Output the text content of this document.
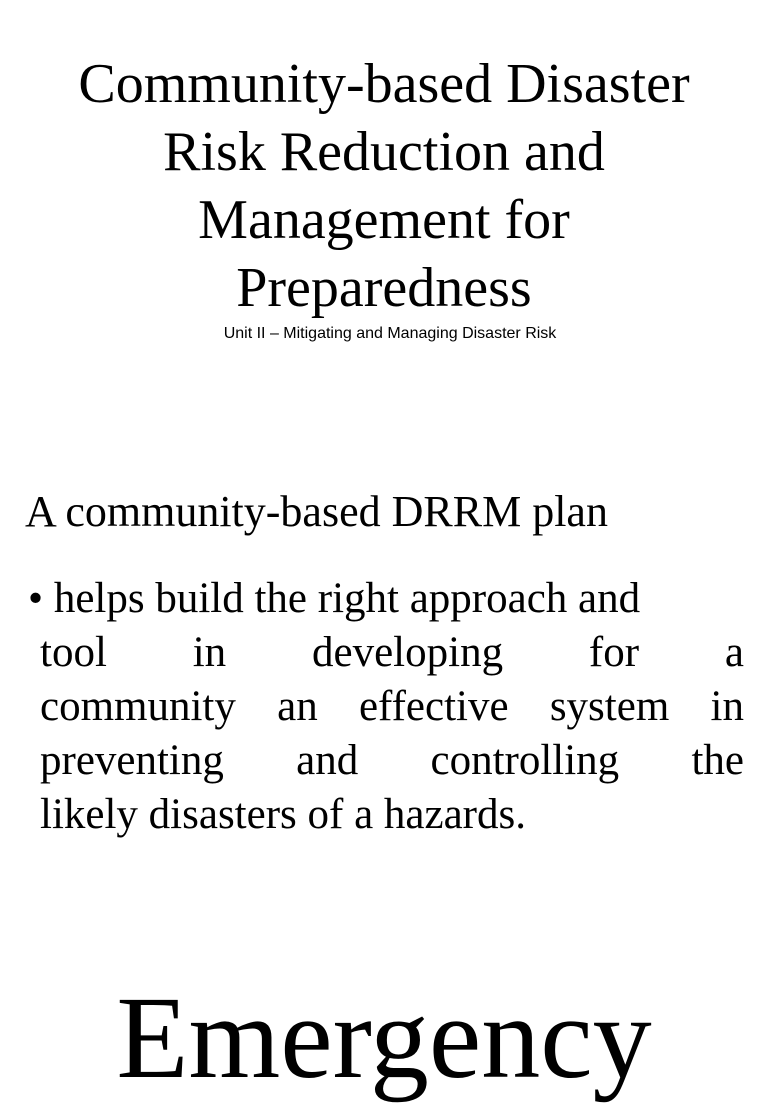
Community-based Disaster
Risk Reduction and
Management for
Preparedness
Unit II – Mitigating and Managing Disaster Risk
A community-based DRRM plan
• helps build the right approach and
tool in developing for a
community an effective system in
preventing and controlling the
likely disasters of a hazards.
Emergency
